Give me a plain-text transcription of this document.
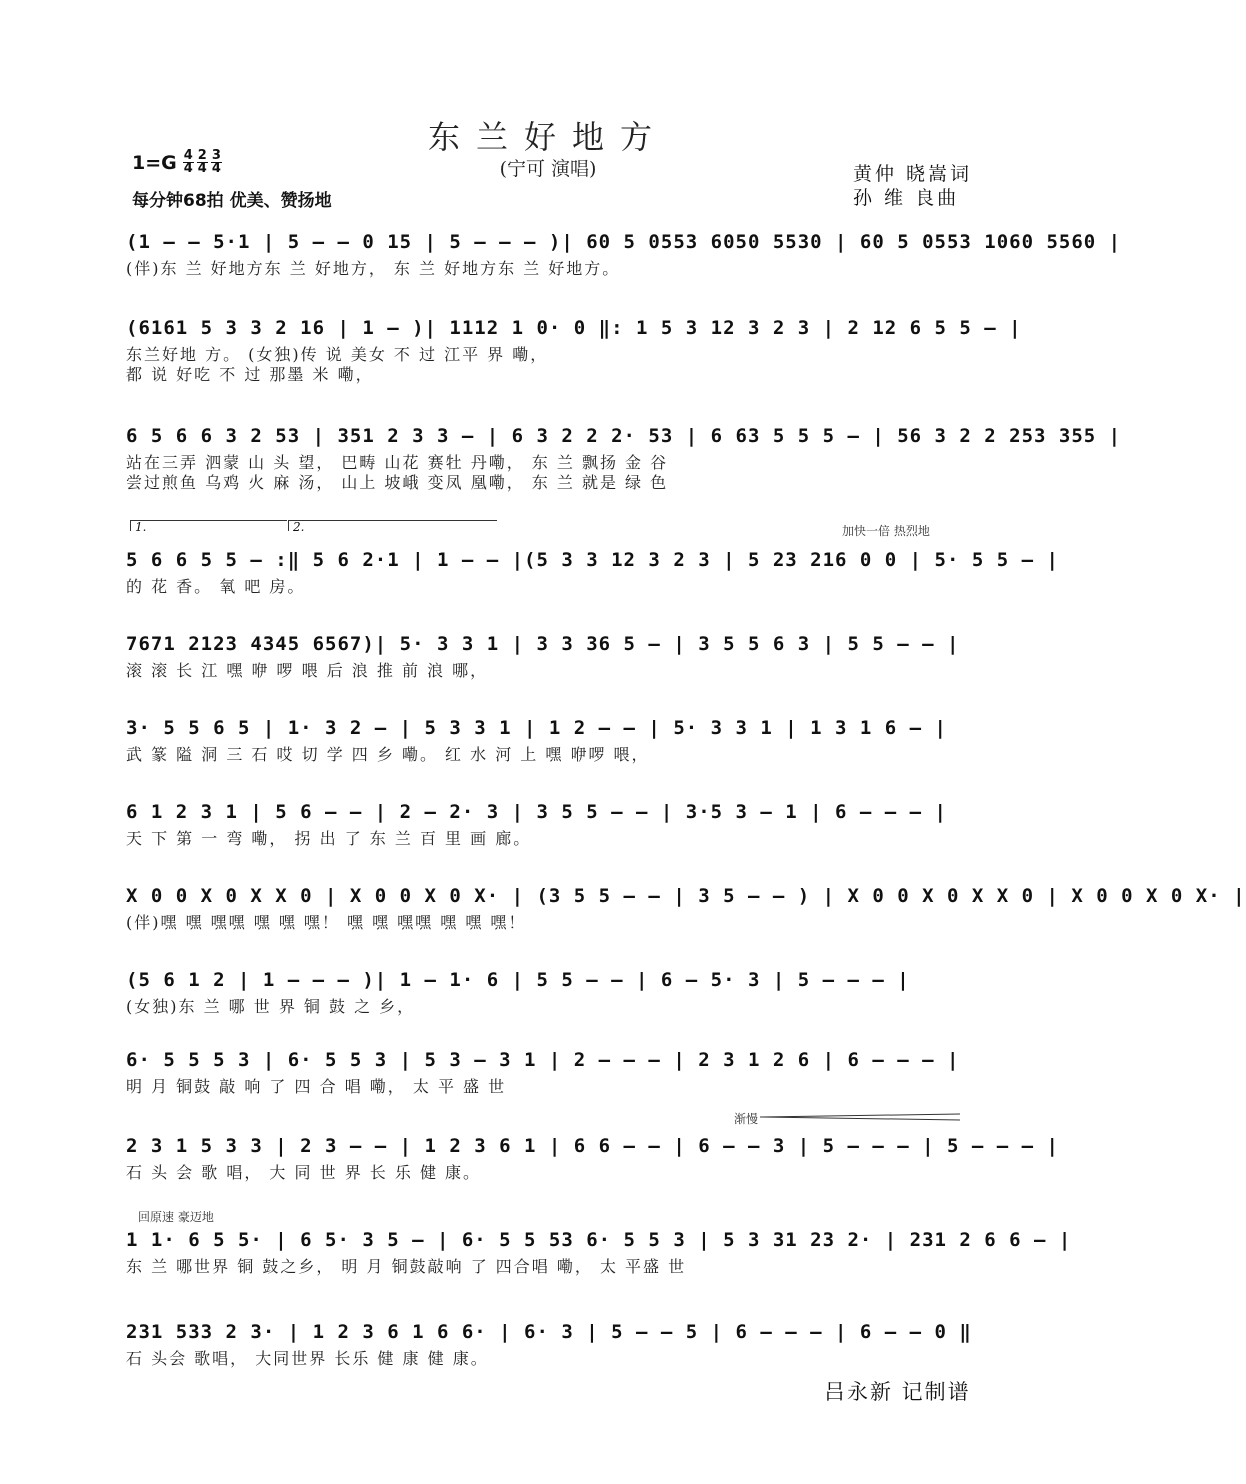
东兰好地方
(宁可 演唱)
$1=G \frac{4}{4} \frac{2}{4} \frac{3}{4}$
每分钟68拍 优美、赞扬地
黄仲 晓嵩词
孙 维 良曲
(1 – – 5·1 | 5 – – 0 15 | 5 – – – )| 60 5 0553 6050 5530 | 60 5 0553 1060 5560 |
(伴)东 兰 好地方东 兰 好地方， 东 兰 好地方东 兰 好地方。
(6161 5 3 3 2 16 | 1 – )| 1112 1 0· 0 ‖: 1 5 3 12 3 2 3 | 2 12 6 5 5 – |
东兰好地 方。 (女独)传 说 美女 不 过 江平 界 嘞，
都 说 好吃 不 过 那墨 米 嘞，
6 5 6 6 3 2 53 | 351 2 3 3 – | 6 3 2 2 2· 53 | 6 63 5 5 5 – | 56 3 2 2 253 355 |
站在三弄 泗蒙 山 头 望， 巴畴 山花 赛牡 丹嘞， 东 兰 飘扬 金 谷
尝过煎鱼 乌鸡 火 麻 汤， 山上 坡峨 变凤 凰嘞， 东 兰 就是 绿 色
1.	2.	加快一倍 热烈地
5 6 6 5 5 – :‖ 5 6 2·1 | 1 – – |(5 3 3 12 3 2 3 | 5 23 216 0 0 | 5· 5 5 – |
的 花 香。 氧 吧 房。
7671 2123 4345 6567)| 5· 3 3 1 | 3 3 36 5 – | 3 5 5 6 3 | 5 5 – – |
滚 滚 长 江 嘿 咿 啰 喂 后 浪 推 前 浪 哪，
3· 5 5 6 5 | 1· 3 2 – | 5 3 3 1 | 1 2 – – | 5· 3 3 1 | 1 3 1 6 – |
武 篆 隘 洞 三 石 哎 切 学 四 乡 嘞。 红 水 河 上 嘿 咿啰 喂，
6 1 2 3 1 | 5 6 – – | 2 – 2· 3 | 3 5 5 – – | 3·5 3 – 1 | 6 – – – |
天 下 第 一 弯 嘞， 拐 出 了 东 兰 百 里 画 廊。
X 0 0 X 0 X X 0 | X 0 0 X 0 X· | (3 5 5 – – | 3 5 – – ) | X 0 0 X 0 X X 0 | X 0 0 X 0 X· |
(伴)嘿 嘿 嘿嘿 嘿 嘿 嘿！ 嘿 嘿 嘿嘿 嘿 嘿 嘿！
(5 6 1 2 | 1 – – – )| 1 – 1· 6 | 5 5 – – | 6 – 5· 3 | 5 – – – |
(女独)东 兰 哪 世 界 铜 鼓 之 乡，
6· 5 5 5 3 | 6· 5 5 3 | 5 3 – 3 1 | 2 – – – | 2 3 1 2 6 | 6 – – – |
明 月 铜鼓 敲 响 了 四 合 唱 嘞， 太 平 盛 世
渐慢
2 3 1 5 3 3 | 2 3 – – | 1 2 3 6 1 | 6 6 – – | 6 – – 3 | 5 – – – | 5 – – – |
石 头 会 歌 唱， 大 同 世 界 长 乐 健 康。
回原速 豪迈地
1 1· 6 5 5· | 6 5· 3 5 – | 6· 5 5 53 6· 5 5 3 | 5 3 31 23 2· | 231 2 6 6 – |
东 兰 哪世界 铜 鼓之乡， 明 月 铜鼓敲响 了 四合唱 嘞， 太 平盛 世
231 533 2 3· | 1 2 3 6 1 6 6· | 6· 3 | 5 – – 5 | 6 – – – | 6 – – 0 ‖
石 头会 歌唱， 大同世界 长乐 健 康 健 康。
吕永新 记制谱
